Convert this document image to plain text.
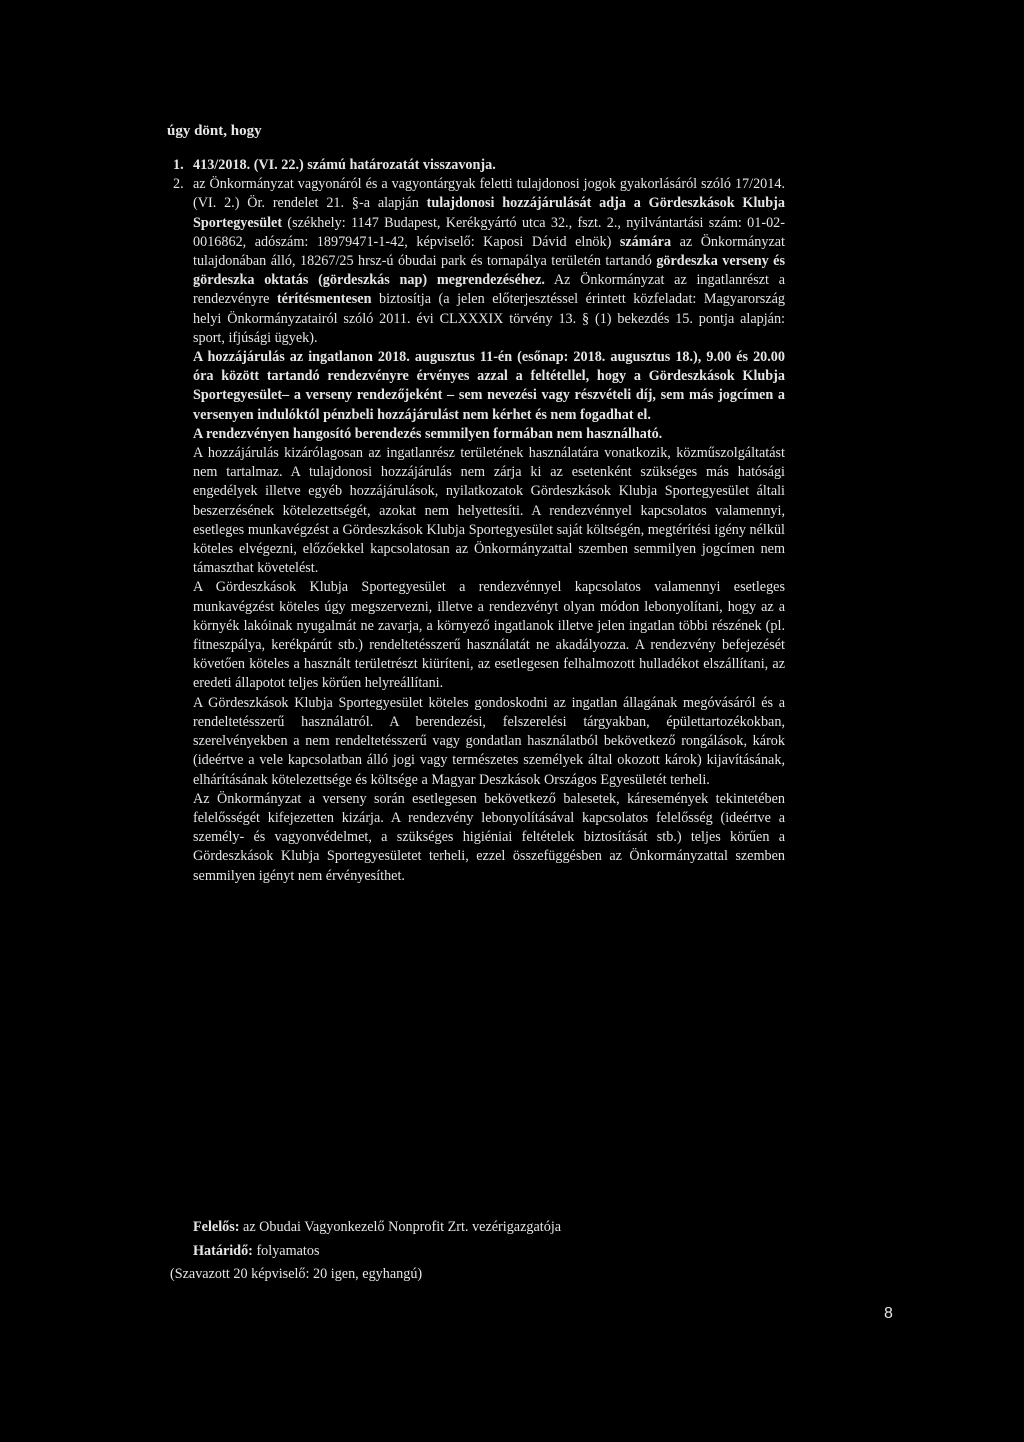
úgy dönt, hogy
1. 413/2018. (VI. 22.) számú határozatát visszavonja.
2. az Önkormányzat vagyonáról és a vagyontárgyak feletti tulajdonosi jogok gyakorlásáról szóló 17/2014. (VI. 2.) Ör. rendelet 21. §-a alapján tulajdonosi hozzájárulását adja a Gördeszkások Klubja Sportegyesület (székhely: 1147 Budapest, Kerékgyártó utca 32., fszt. 2., nyilvántartási szám: 01-02-0016862, adószám: 18979471-1-42, képviselő: Kaposi Dávid elnök) számára az Önkormányzat tulajdonában álló, 18267/25 hrsz-ú óbudai park és tornapálya területén tartandó gördeszka verseny és gördeszka oktatás (gördeszkás nap) megrendezéséhez. Az Önkormányzat az ingatlanrészt a rendezvényre térítésmentesen biztosítja (a jelen előterjesztéssel érintett közfeladat: Magyarország helyi Önkormányzatairól szóló 2011. évi CLXXXIX törvény 13. § (1) bekezdés 15. pontja alapján: sport, ifjúsági ügyek).

A hozzájárulás az ingatlanon 2018. augusztus 11-én (esőnap: 2018. augusztus 18.), 9.00 és 20.00 óra között tartandó rendezvényre érvényes azzal a feltétellel, hogy a Gördeszkások Klubja Sportegyesület– a verseny rendezőjeként – sem nevezési vagy részvételi díj, sem más jogcímen a versenyen indulóktól pénzbeli hozzájárulást nem kérhet és nem fogadhat el.

A rendezvényen hangosító berendezés semmilyen formában nem használható.

A hozzájárulás kizárólagosan az ingatlanrész területének használatára vonatkozik, közműszolgáltatást nem tartalmaz. A tulajdonosi hozzájárulás nem zárja ki az esetenként szükséges más hatósági engedélyek illetve egyéb hozzájárulások, nyilatkozatok Gördeszkások Klubja Sportegyesület általi beszerzésének kötelezettségét, azokat nem helyettesíti. A rendezvénnyel kapcsolatos valamennyi, esetleges munkavégzést a Gördeszkások Klubja Sportegyesület saját költségén, megtérítési igény nélkül köteles elvégezni, előzőekkel kapcsolatosan az Önkormányzattal szemben semmilyen jogcímen nem támaszthat követelést.

A Gördeszkások Klubja Sportegyesület a rendezvénnyel kapcsolatos valamennyi esetleges munkavégzést köteles úgy megszervezni, illetve a rendezvényt olyan módon lebonyolítani, hogy az a környék lakóinak nyugalmát ne zavarja, a környező ingatlanok illetve jelen ingatlan többi részének (pl. fitneszpálya, kerékpárút stb.) rendeltetésszerű használatát ne akadályozza. A rendezvény befejezését követően köteles a használt területrészt kiüríteni, az esetlegesen felhalmozott hulladékot elszállítani, az eredeti állapotot teljes körűen helyreállítani.

A Gördeszkások Klubja Sportegyesület köteles gondoskodni az ingatlan állagának megóvásáról és a rendeltetésszerű használatról. A berendezési, felszerelési tárgyakban, épülettartozékokban, szerelvényekben a nem rendeltetésszerű vagy gondatlan használatból bekövetkező rongálások, károk (ideértve a vele kapcsolatban álló jogi vagy természetes személyek által okozott károk) kijavításának, elhárításának kötelezettsége és költsége a Magyar Deszkások Országos Egyesületét terheli.

Az Önkormányzat a verseny során esetlegesen bekövetkező balesetek, káresemények tekintetében felelősségét kifejezetten kizárja. A rendezvény lebonyolításával kapcsolatos felelősség (ideértve a személy- és vagyonvédelmet, a szükséges higiéniai feltételek biztosítását stb.) teljes körűen a Gördeszkások Klubja Sportegyesületet terheli, ezzel összefüggésben az Önkormányzattal szemben semmilyen igényt nem érvényesíthet.

Felelős: az Obudai Vagyonkezelő Nonprofit Zrt. vezérigazgatója
Határidő: folyamatos
(Szavazott 20 képviselő: 20 igen, egyhangú)
8
